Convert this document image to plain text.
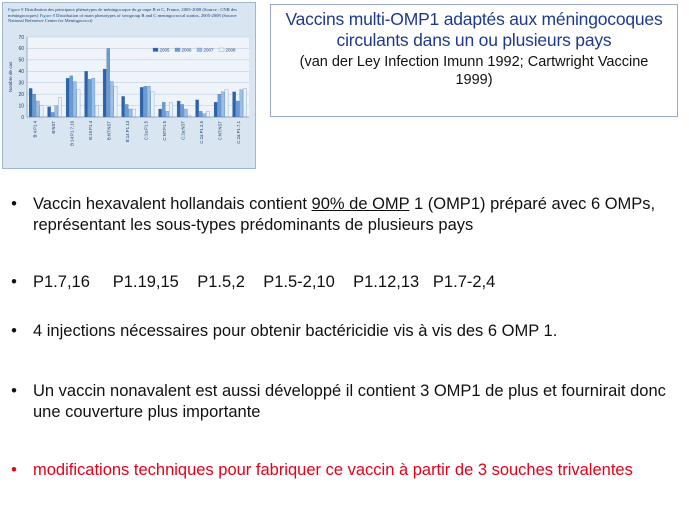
Figure 8 Distribution des principaux phénotypes de méningocoque du gr oupe B et C, France, 2005-2008 (Source : CNR des méningocoques) Figure 8 Distribution of main phenotypes of serogroup B and C meningococcal strains, 2005-2008 (Source: National Reference Center for Meningococci)

0
10
20
30
40
50
60
70
Nombre de cas
B:4:P1.4	B:NST	B:14:P1.7,16	B:15:P1.4	B:NT:NST	B:14:P1.13	C:2a:P1.5	C:NT:P1.5	C:2a:NST	C:2a:P1.2,5	C:NT:NST	C:2a:P1.7,1
2005	2006	2007	2008
Vaccins multi-OMP1 adaptés aux méningocoques circulants dans un ou plusieurs pays
(van der Ley Infection Imunn 1992; Cartwright Vaccine 1999)
• Vaccin hexavalent hollandais contient 90% de OMP 1 (OMP1) préparé avec 6 OMPs, représentant les sous-types prédominants de plusieurs pays
• P1.7,16     P1.19,15    P1.5,2    P1.5-2,10    P1.12,13   P1.7-2,4
• 4 injections nécessaires pour obtenir bactéricidie vis à vis des 6 OMP 1.
• Un vaccin nonavalent est aussi développé il contient 3 OMP1 de plus et fournirait donc une couverture plus importante
• modifications techniques pour fabriquer ce vaccin à partir de 3 souches trivalentes
